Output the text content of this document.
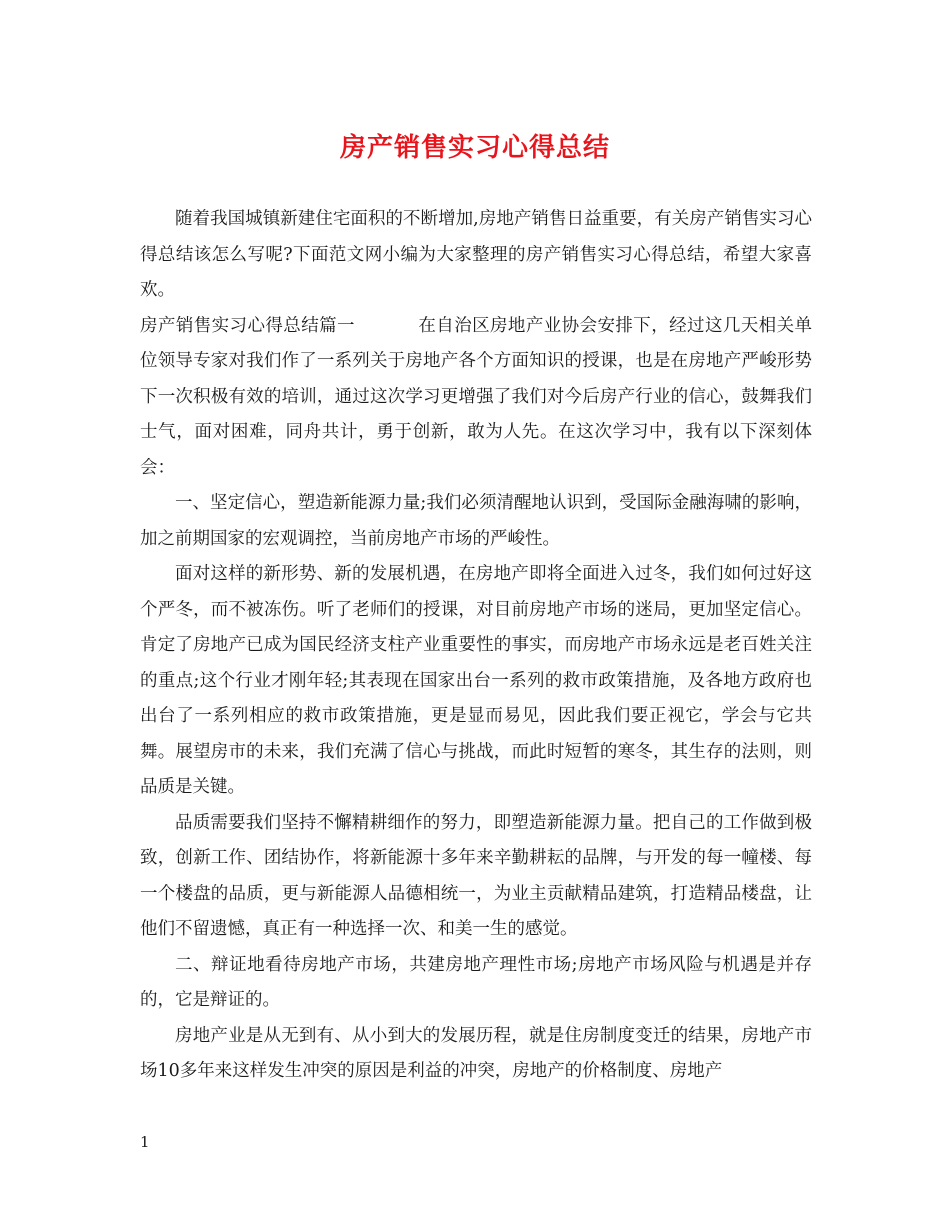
房产销售实习心得总结

随着我国城镇新建住宅面积的不断增加,房地产销售日益重要，有关房产销售实习心得总结该怎么写呢?下面范文网小编为大家整理的房产销售实习心得总结，希望大家喜欢。

房产销售实习心得总结篇一	在自治区房地产业协会安排下，经过这几天相关单位领导专家对我们作了一系列关于房地产各个方面知识的授课，也是在房地产严峻形势下一次积极有效的培训，通过这次学习更增强了我们对今后房产行业的信心，鼓舞我们士气，面对困难，同舟共计，勇于创新，敢为人先。在这次学习中，我有以下深刻体会：

一、坚定信心，塑造新能源力量;我们必须清醒地认识到，受国际金融海啸的影响，加之前期国家的宏观调控，当前房地产市场的严峻性。

面对这样的新形势、新的发展机遇，在房地产即将全面进入过冬，我们如何过好这个严冬，而不被冻伤。听了老师们的授课，对目前房地产市场的迷局，更加坚定信心。肯定了房地产已成为国民经济支柱产业重要性的事实，而房地产市场永远是老百姓关注的重点;这个行业才刚年轻;其表现在国家出台一系列的救市政策措施，及各地方政府也出台了一系列相应的救市政策措施，更是显而易见，因此我们要正视它，学会与它共舞。展望房市的未来，我们充满了信心与挑战，而此时短暂的寒冬，其生存的法则，则品质是关键。

品质需要我们坚持不懈精耕细作的努力，即塑造新能源力量。把自己的工作做到极致，创新工作、团结协作，将新能源十多年来辛勤耕耘的品牌，与开发的每一幢楼、每一个楼盘的品质，更与新能源人品德相统一，为业主贡献精品建筑，打造精品楼盘，让他们不留遗憾，真正有一种选择一次、和美一生的感觉。

二、辩证地看待房地产市场，共建房地产理性市场;房地产市场风险与机遇是并存的，它是辩证的。

房地产业是从无到有、从小到大的发展历程，就是住房制度变迁的结果，房地产市场10多年来这样发生冲突的原因是利益的冲突，房地产的价格制度、房地产

1
